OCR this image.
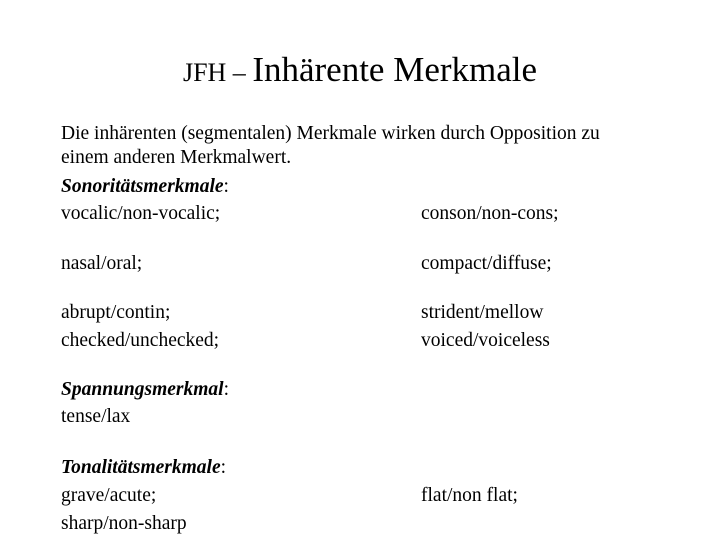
JFH – Inhärente Merkmale
Die inhärenten (segmentalen) Merkmale wirken durch Opposition zu
einem anderen Merkmalwert.
Sonoritätsmerkmale:
vocalic/non-vocalic;	conson/non-cons;
nasal/oral;	compact/diffuse;
abrupt/contin;	strident/mellow
checked/unchecked;	voiced/voiceless
Spannungsmerkmal:
tense/lax
Tonalitätsmerkmale:
grave/acute;	flat/non flat;
sharp/non-sharp
